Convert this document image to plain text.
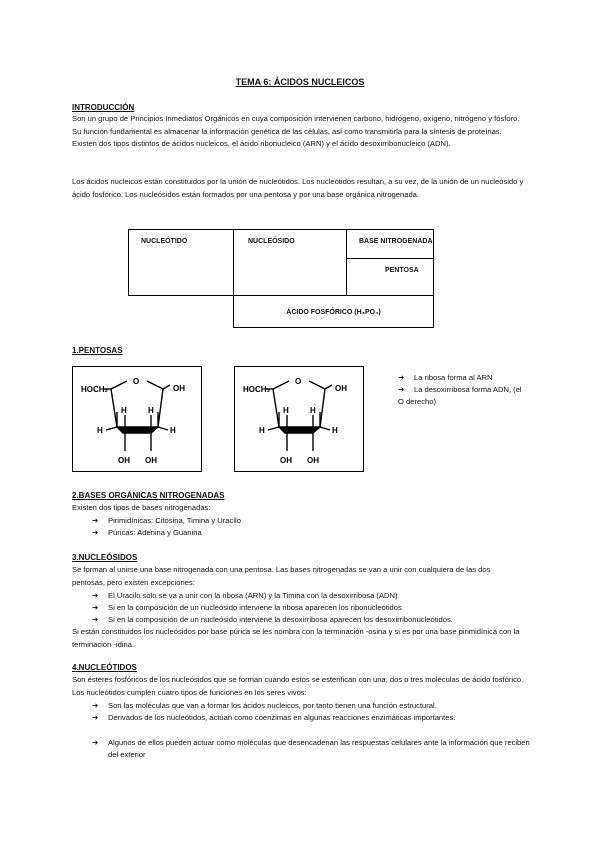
TEMA 6: ÁCIDOS NUCLEICOS
INTRODUCCIÓN
Son un grupo de Principios Inmediatos Orgánicos en cuya composición intervienen carbono, hidrógeno, oxígeno, nitrógeno y fósforo. Su función fundamental es almacenar la información genética de las células, así como transmitirla para la síntesis de proteínas. Existen dos tipos distintos de ácidos nucleicos, el ácido ribonucleico (ARN) y el ácido desoxirribonucleico (ADN).
Los ácidos nucleicos están constituidos por la unión de nucleótidos. Los nucleótidos resultan, a su vez, de la unión de un nucleósido y ácido fosfórico. Los nucleósidos están formados por una pentosa y por una base orgánica nitrogenada.
NUCLEÓTIDO	NUCLEÓSIDO	BASE NITROGENADA
		PENTOSA
	ÁCIDO FOSFÓRICO (H₃PO₄)	
1.PENTOSAS
HOCH₂
O
OH
H	H
H	H
OH OH
HOCH₂
O
OH
H	H
H	H
OH OH
➔ La ribosa forma al ARN
➔ La desoxirribosa forma ADN, (el O derecho)
2.BASES ORGÁNICAS NITROGENADAS
Existen dos tipos de bases nitrogenadas:
➔ Pirimidínicas: Citosina, Timina y Uracilo
➔ Púricas: Adenina y Guanina
3.NUCLEÓSIDOS
Se forman al unirse una base nitrogenada con una pentosa. Las bases nitrogenadas se van a unir con cualquiera de las dos pentosas, pero existen excepciones:
➔ El Uracilo solo se va a unir con la ribosa (ARN) y la Timina con la desoxirribosa (ADN)
➔ Si en la composición de un nucleósido interviene la ribosa aparecen los ribonucleótidos
➔ Si en la composición de un nucleósido interviene la desoxirribosa aparecen los desoxirribonucleótidos.
Si están constituidos los nucleósidos por base púrica se les nombra con la terminación -osina y si es por una base pirimidínica con la terminación -idina.
4.NUCLEÓTIDOS
Son ésteres fosfóricos de los nucleósidos que se forman cuando estos se esterifican con una, dos o tres moléculas de ácido fosfórico. Los nucleótidos cumplen cuatro tipos de funciones en los seres vivos:
➔ Son las moléculas que van a formar los ácidos nucleicos, por tanto tienen una función estructural.
➔ Derivados de los nucleótidos, actúan como coenzimas en algunas reacciones enzimáticas importantes.
➔ Algunos de ellos pueden actuar como moléculas que desencadenan las respuestas celulares ante la información que reciben del exterior
